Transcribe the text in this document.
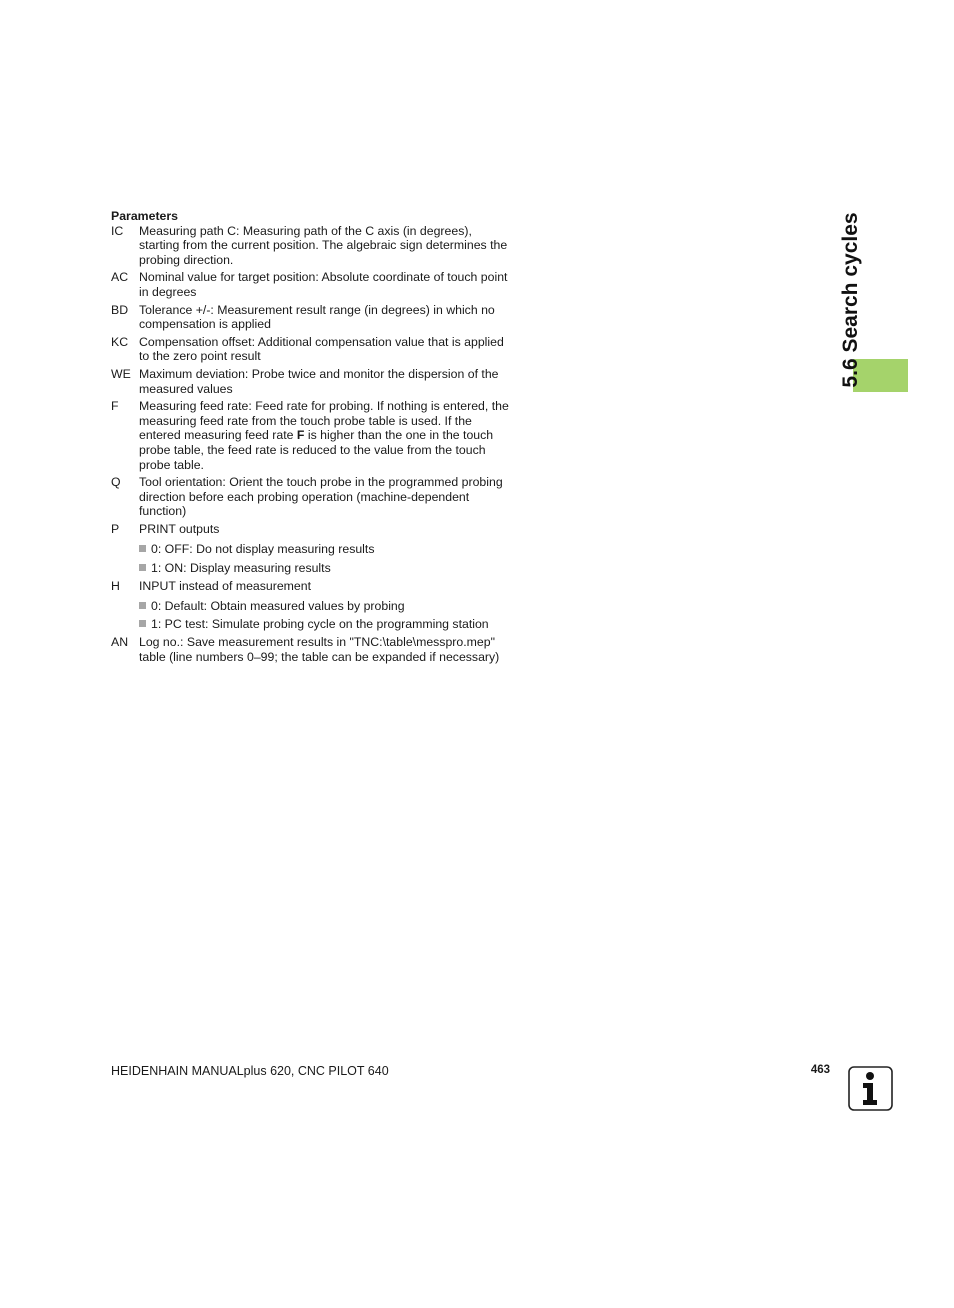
5.6 Search cycles
Parameters
IC	Measuring path C: Measuring path of the C axis (in degrees), starting from the current position. The algebraic sign determines the probing direction.
AC Nominal value for target position: Absolute coordinate of touch point in degrees
BD Tolerance +/-: Measurement result range (in degrees) in which no compensation is applied
KC Compensation offset: Additional compensation value that is applied to the zero point result
WE Maximum deviation: Probe twice and monitor the dispersion of the measured values
F	Measuring feed rate: Feed rate for probing. If nothing is entered, the measuring feed rate from the touch probe table is used. If the entered measuring feed rate F is higher than the one in the touch probe table, the feed rate is reduced to the value from the touch probe table.
Q	Tool orientation: Orient the touch probe in the programmed probing direction before each probing operation (machine-dependent function)
P	PRINT outputs
0: OFF: Do not display measuring results
1: ON: Display measuring results
H	INPUT instead of measurement
0: Default: Obtain measured values by probing
1: PC test: Simulate probing cycle on the programming station
AN Log no.: Save measurement results in "TNC:\table\messpro.mep" table (line numbers 0–99; the table can be expanded if necessary)
HEIDENHAIN MANUALplus 620, CNC PILOT 640	463
